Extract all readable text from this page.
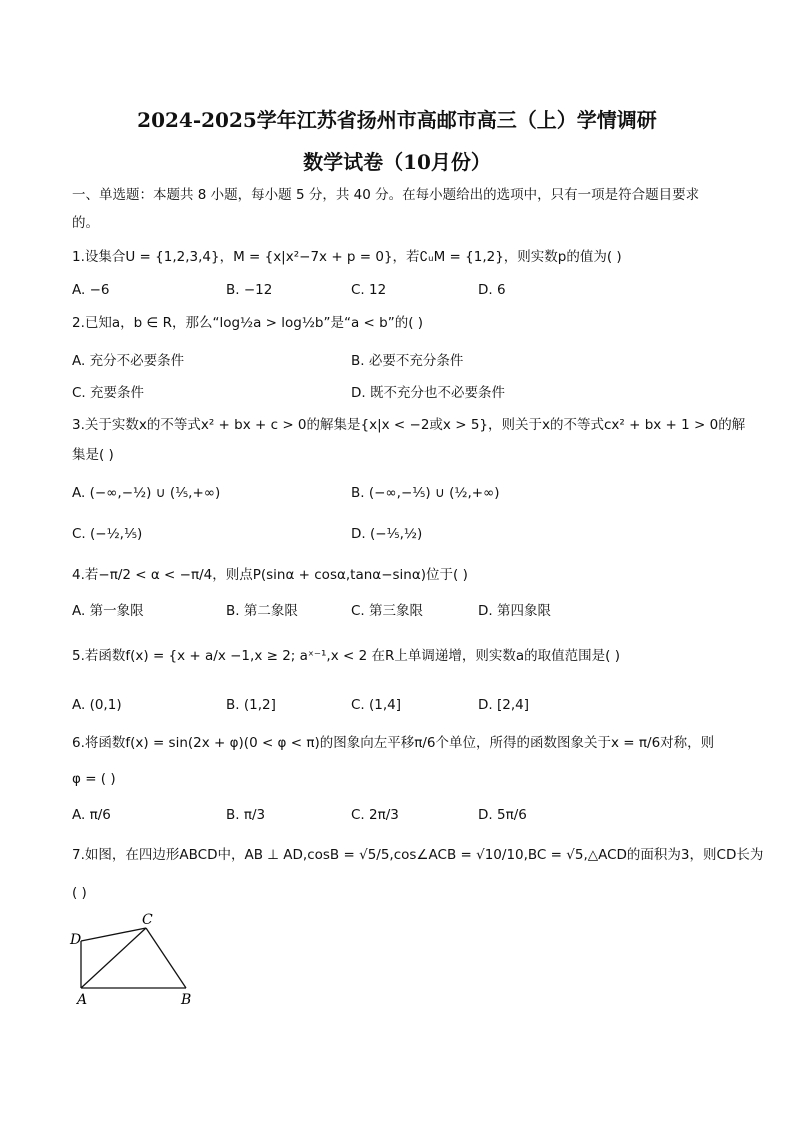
2024-2025学年江苏省扬州市高邮市高三（上）学情调研
数学试卷（10月份）
一、单选题：本题共 8 小题，每小题 5 分，共 40 分。在每小题给出的选项中，只有一项是符合题目要求
的。
1.设集合U = {1,2,3,4}，M = {x|x²−7x + p = 0}，若∁ᵤM = {1,2}，则实数p的值为( )
A. −6	B. −12	C. 12	D. 6
2.已知a，b ∈ R，那么“log½a > log½b”是“a < b”的( )
A. 充分不必要条件	B. 必要不充分条件
C. 充要条件	D. 既不充分也不必要条件
3.关于实数x的不等式x² + bx + c > 0的解集是{x|x < −2或x > 5}，则关于x的不等式cx² + bx + 1 > 0的解
集是( )
A. (−∞,−½) ∪ (⅕,+∞)	B. (−∞,−⅕) ∪ (½,+∞)
C. (−½,⅕)	D. (−⅕,½)
4.若−π/2 < α < −π/4，则点P(sinα + cosα,tanα−sinα)位于( )
A. 第一象限	B. 第二象限	C. 第三象限	D. 第四象限
5.若函数f(x) = {x + a/x −1,x ≥ 2; aˣ⁻¹,x < 2 在R上单调递增，则实数a的取值范围是( )
A. (0,1)	B. (1,2]	C. (1,4]	D. [2,4]
6.将函数f(x) = sin(2x + φ)(0 < φ < π)的图象向左平移π/6个单位，所得的函数图象关于x = π/6对称，则
φ = ( )
A. π/6	B. π/3	C. 2π/3	D. 5π/6
7.如图，在四边形ABCD中，AB ⊥ AD,cosB = √5/5,cos∠ACB = √10/10,BC = √5,△ACD的面积为3，则CD长为
( )
D
C
A	B
